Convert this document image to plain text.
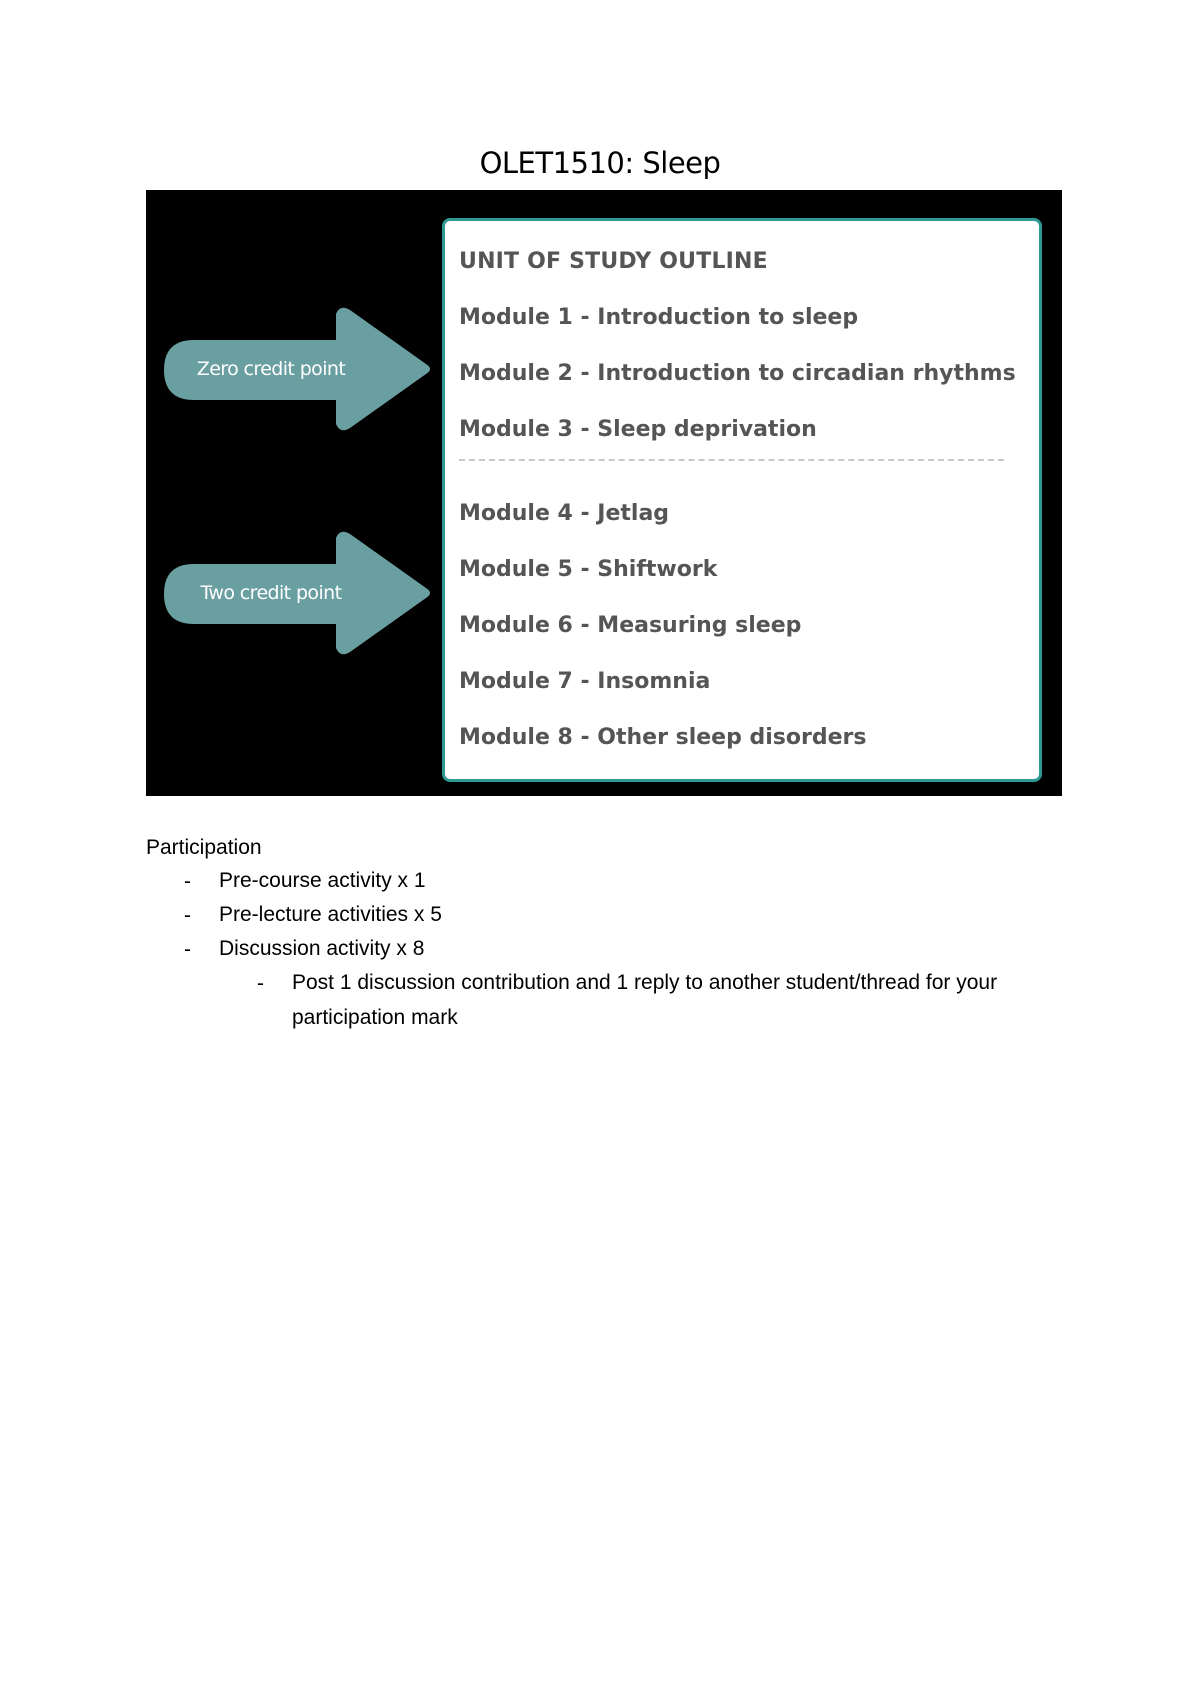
OLET1510: Sleep
Zero credit point
Two credit point
UNIT OF STUDY OUTLINE
Module 1 - Introduction to sleep
Module 2 - Introduction to circadian rhythms
Module 3 - Sleep deprivation
Module 4 - Jetlag
Module 5 - Shiftwork
Module 6 - Measuring sleep
Module 7 - Insomnia
Module 8 - Other sleep disorders
Participation
- Pre-course activity x 1
- Pre-lecture activities x 5
- Discussion activity x 8
- Post 1 discussion contribution and 1 reply to another student/thread for your participation mark
